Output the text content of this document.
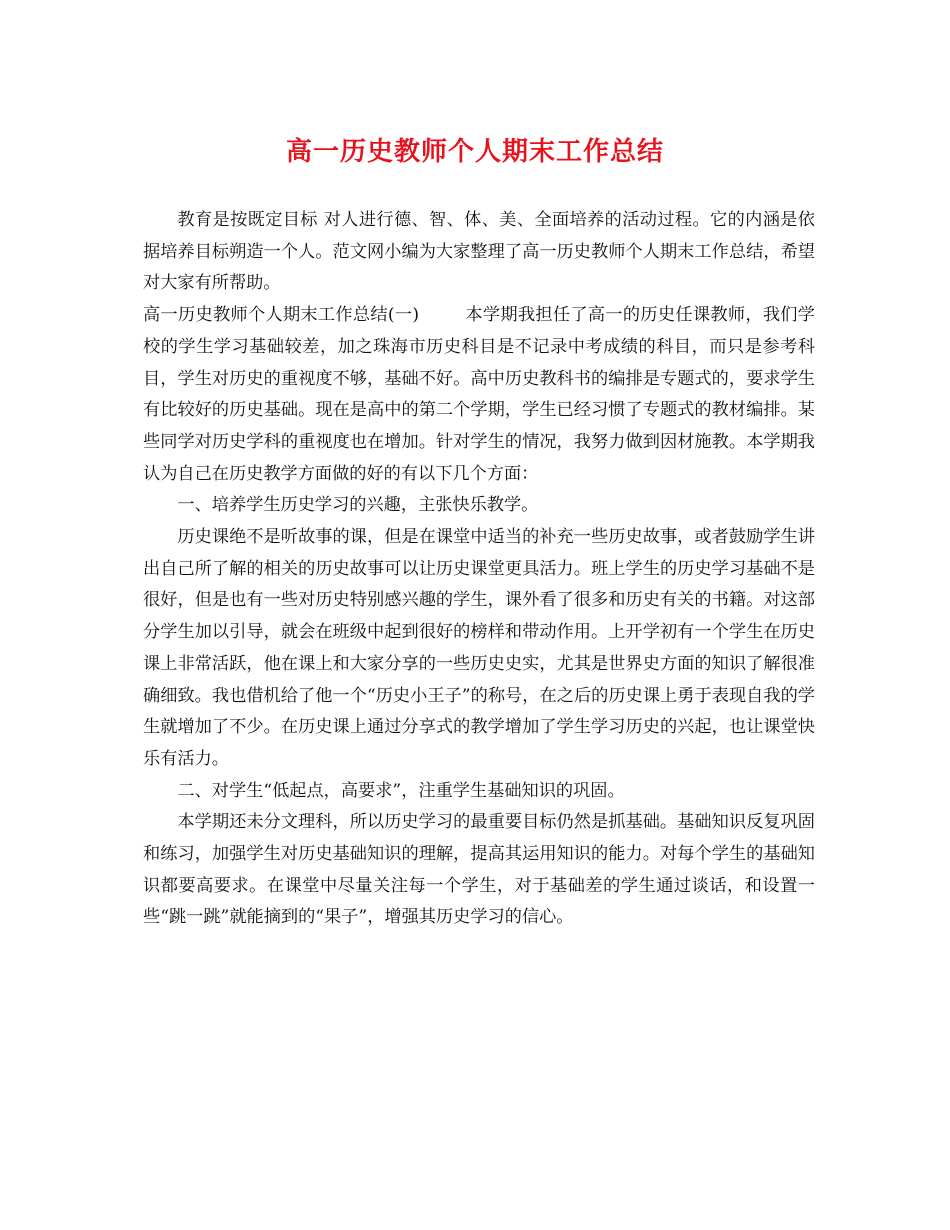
高一历史教师个人期末工作总结

教育是按既定目标 对人进行德、智、体、美、全面培养的活动过程。它的内涵是依据培养目标朔造一个人。范文网小编为大家整理了高一历史教师个人期末工作总结，希望对大家有所帮助。

高一历史教师个人期末工作总结(一)	本学期我担任了高一的历史任课教师，我们学校的学生学习基础较差，加之珠海市历史科目是不记录中考成绩的科目，而只是参考科目，学生对历史的重视度不够，基础不好。高中历史教科书的编排是专题式的，要求学生有比较好的历史基础。现在是高中的第二个学期，学生已经习惯了专题式的教材编排。某些同学对历史学科的重视度也在增加。针对学生的情况，我努力做到因材施教。本学期我认为自己在历史教学方面做的好的有以下几个方面：

一、培养学生历史学习的兴趣，主张快乐教学。

历史课绝不是听故事的课，但是在课堂中适当的补充一些历史故事，或者鼓励学生讲出自己所了解的相关的历史故事可以让历史课堂更具活力。班上学生的历史学习基础不是很好，但是也有一些对历史特别感兴趣的学生，课外看了很多和历史有关的书籍。对这部分学生加以引导，就会在班级中起到很好的榜样和带动作用。上开学初有一个学生在历史课上非常活跃，他在课上和大家分享的一些历史史实，尤其是世界史方面的知识了解很准确细致。我也借机给了他一个“历史小王子”的称号，在之后的历史课上勇于表现自我的学生就增加了不少。在历史课上通过分享式的教学增加了学生学习历史的兴起，也让课堂快乐有活力。

二、对学生“低起点，高要求”，注重学生基础知识的巩固。

本学期还未分文理科，所以历史学习的最重要目标仍然是抓基础。基础知识反复巩固和练习，加强学生对历史基础知识的理解，提高其运用知识的能力。对每个学生的基础知识都要高要求。在课堂中尽量关注每一个学生，对于基础差的学生通过谈话，和设置一些“跳一跳”就能摘到的“果子”，增强其历史学习的信心。
